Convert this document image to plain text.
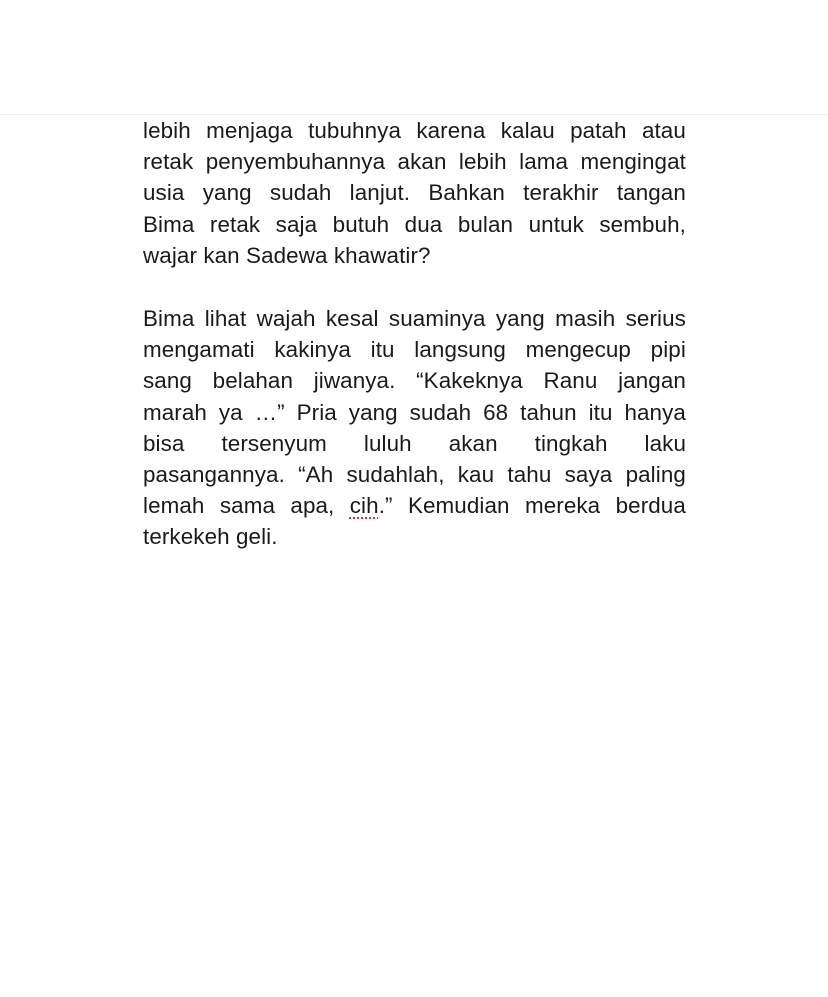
lebih menjaga tubuhnya karena kalau patah atau
retak penyembuhannya akan lebih lama mengingat
usia yang sudah lanjut. Bahkan terakhir tangan
Bima retak saja butuh dua bulan untuk sembuh,
wajar kan Sadewa khawatir?
Bima lihat wajah kesal suaminya yang masih serius
mengamati kakinya itu langsung mengecup pipi
sang belahan jiwanya. “Kakeknya Ranu jangan
marah ya …” Pria yang sudah 68 tahun itu hanya
bisa tersenyum luluh akan tingkah laku
pasangannya. “Ah sudahlah, kau tahu saya paling
lemah sama apa, cih.” Kemudian mereka berdua
terkekeh geli.
